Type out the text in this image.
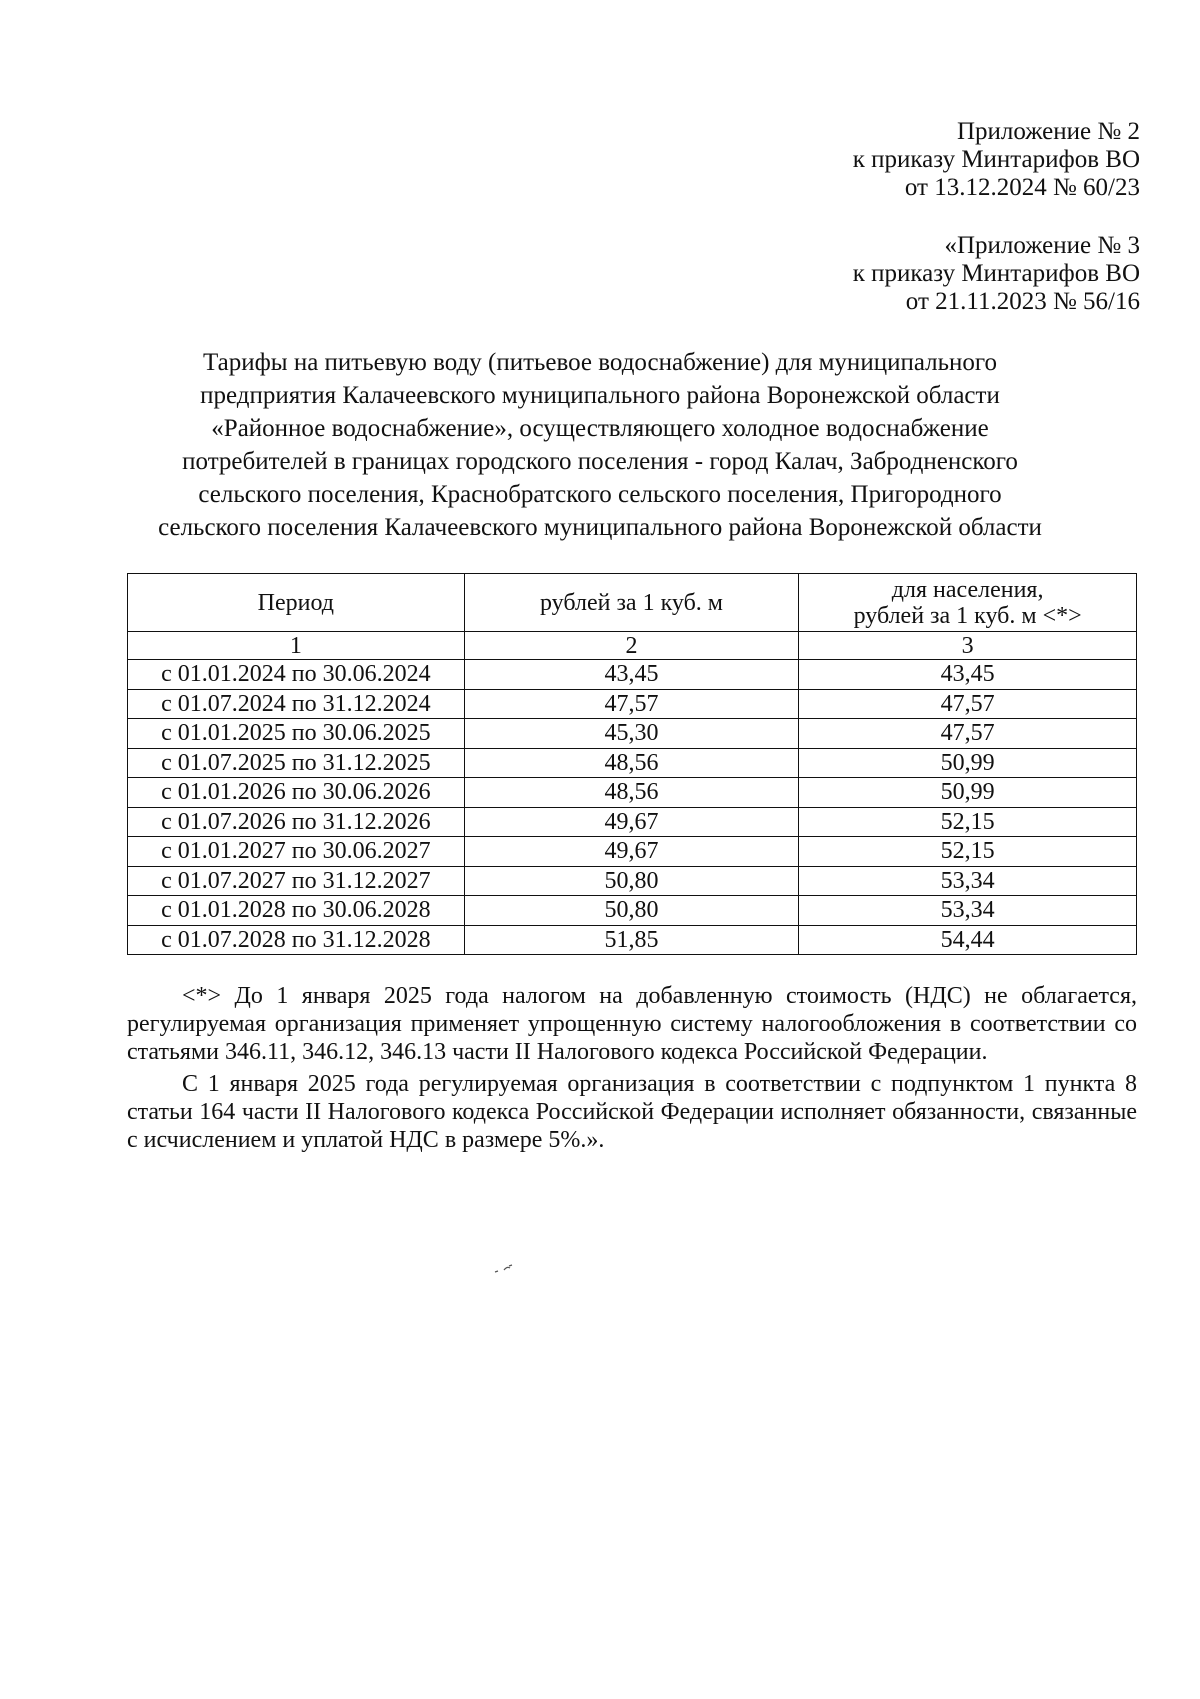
Приложение № 2
к приказу Минтарифов ВО
от 13.12.2024 № 60/23
«Приложение № 3
к приказу Минтарифов ВО
от 21.11.2023 № 56/16
Тарифы на питьевую воду (питьевое водоснабжение) для муниципального
предприятия Калачеевского муниципального района Воронежской области
«Районное водоснабжение», осуществляющего холодное водоснабжение
потребителей в границах городского поселения - город Калач, Забродненского
сельского поселения, Краснобратского сельского поселения, Пригородного
сельского поселения Калачеевского муниципального района Воронежской области
Период	рублей за 1 куб. м	для населения,
рублей за 1 куб. м <*>

1	2	3
с 01.01.2024 по 30.06.2024	43,45	43,45
с 01.07.2024 по 31.12.2024	47,57	47,57
с 01.01.2025 по 30.06.2025	45,30	47,57
с 01.07.2025 по 31.12.2025	48,56	50,99
с 01.01.2026 по 30.06.2026	48,56	50,99
с 01.07.2026 по 31.12.2026	49,67	52,15
с 01.01.2027 по 30.06.2027	49,67	52,15
с 01.07.2027 по 31.12.2027	50,80	53,34
с 01.01.2028 по 30.06.2028	50,80	53,34
с 01.07.2028 по 31.12.2028	51,85	54,44

<*> До 1 января 2025 года налогом на добавленную стоимость (НДС) не облагается, регулируемая организация применяет упрощенную систему налогообложения в соответствии со статьями 346.11, 346.12, 346.13 части II Налогового кодекса Российской Федерации.

С 1 января 2025 года регулируемая организация в соответствии с подпунктом 1 пункта 8 статьи 164 части II Налогового кодекса Российской Федерации исполняет обязанности, связанные с исчислением и уплатой НДС в размере 5%.».
